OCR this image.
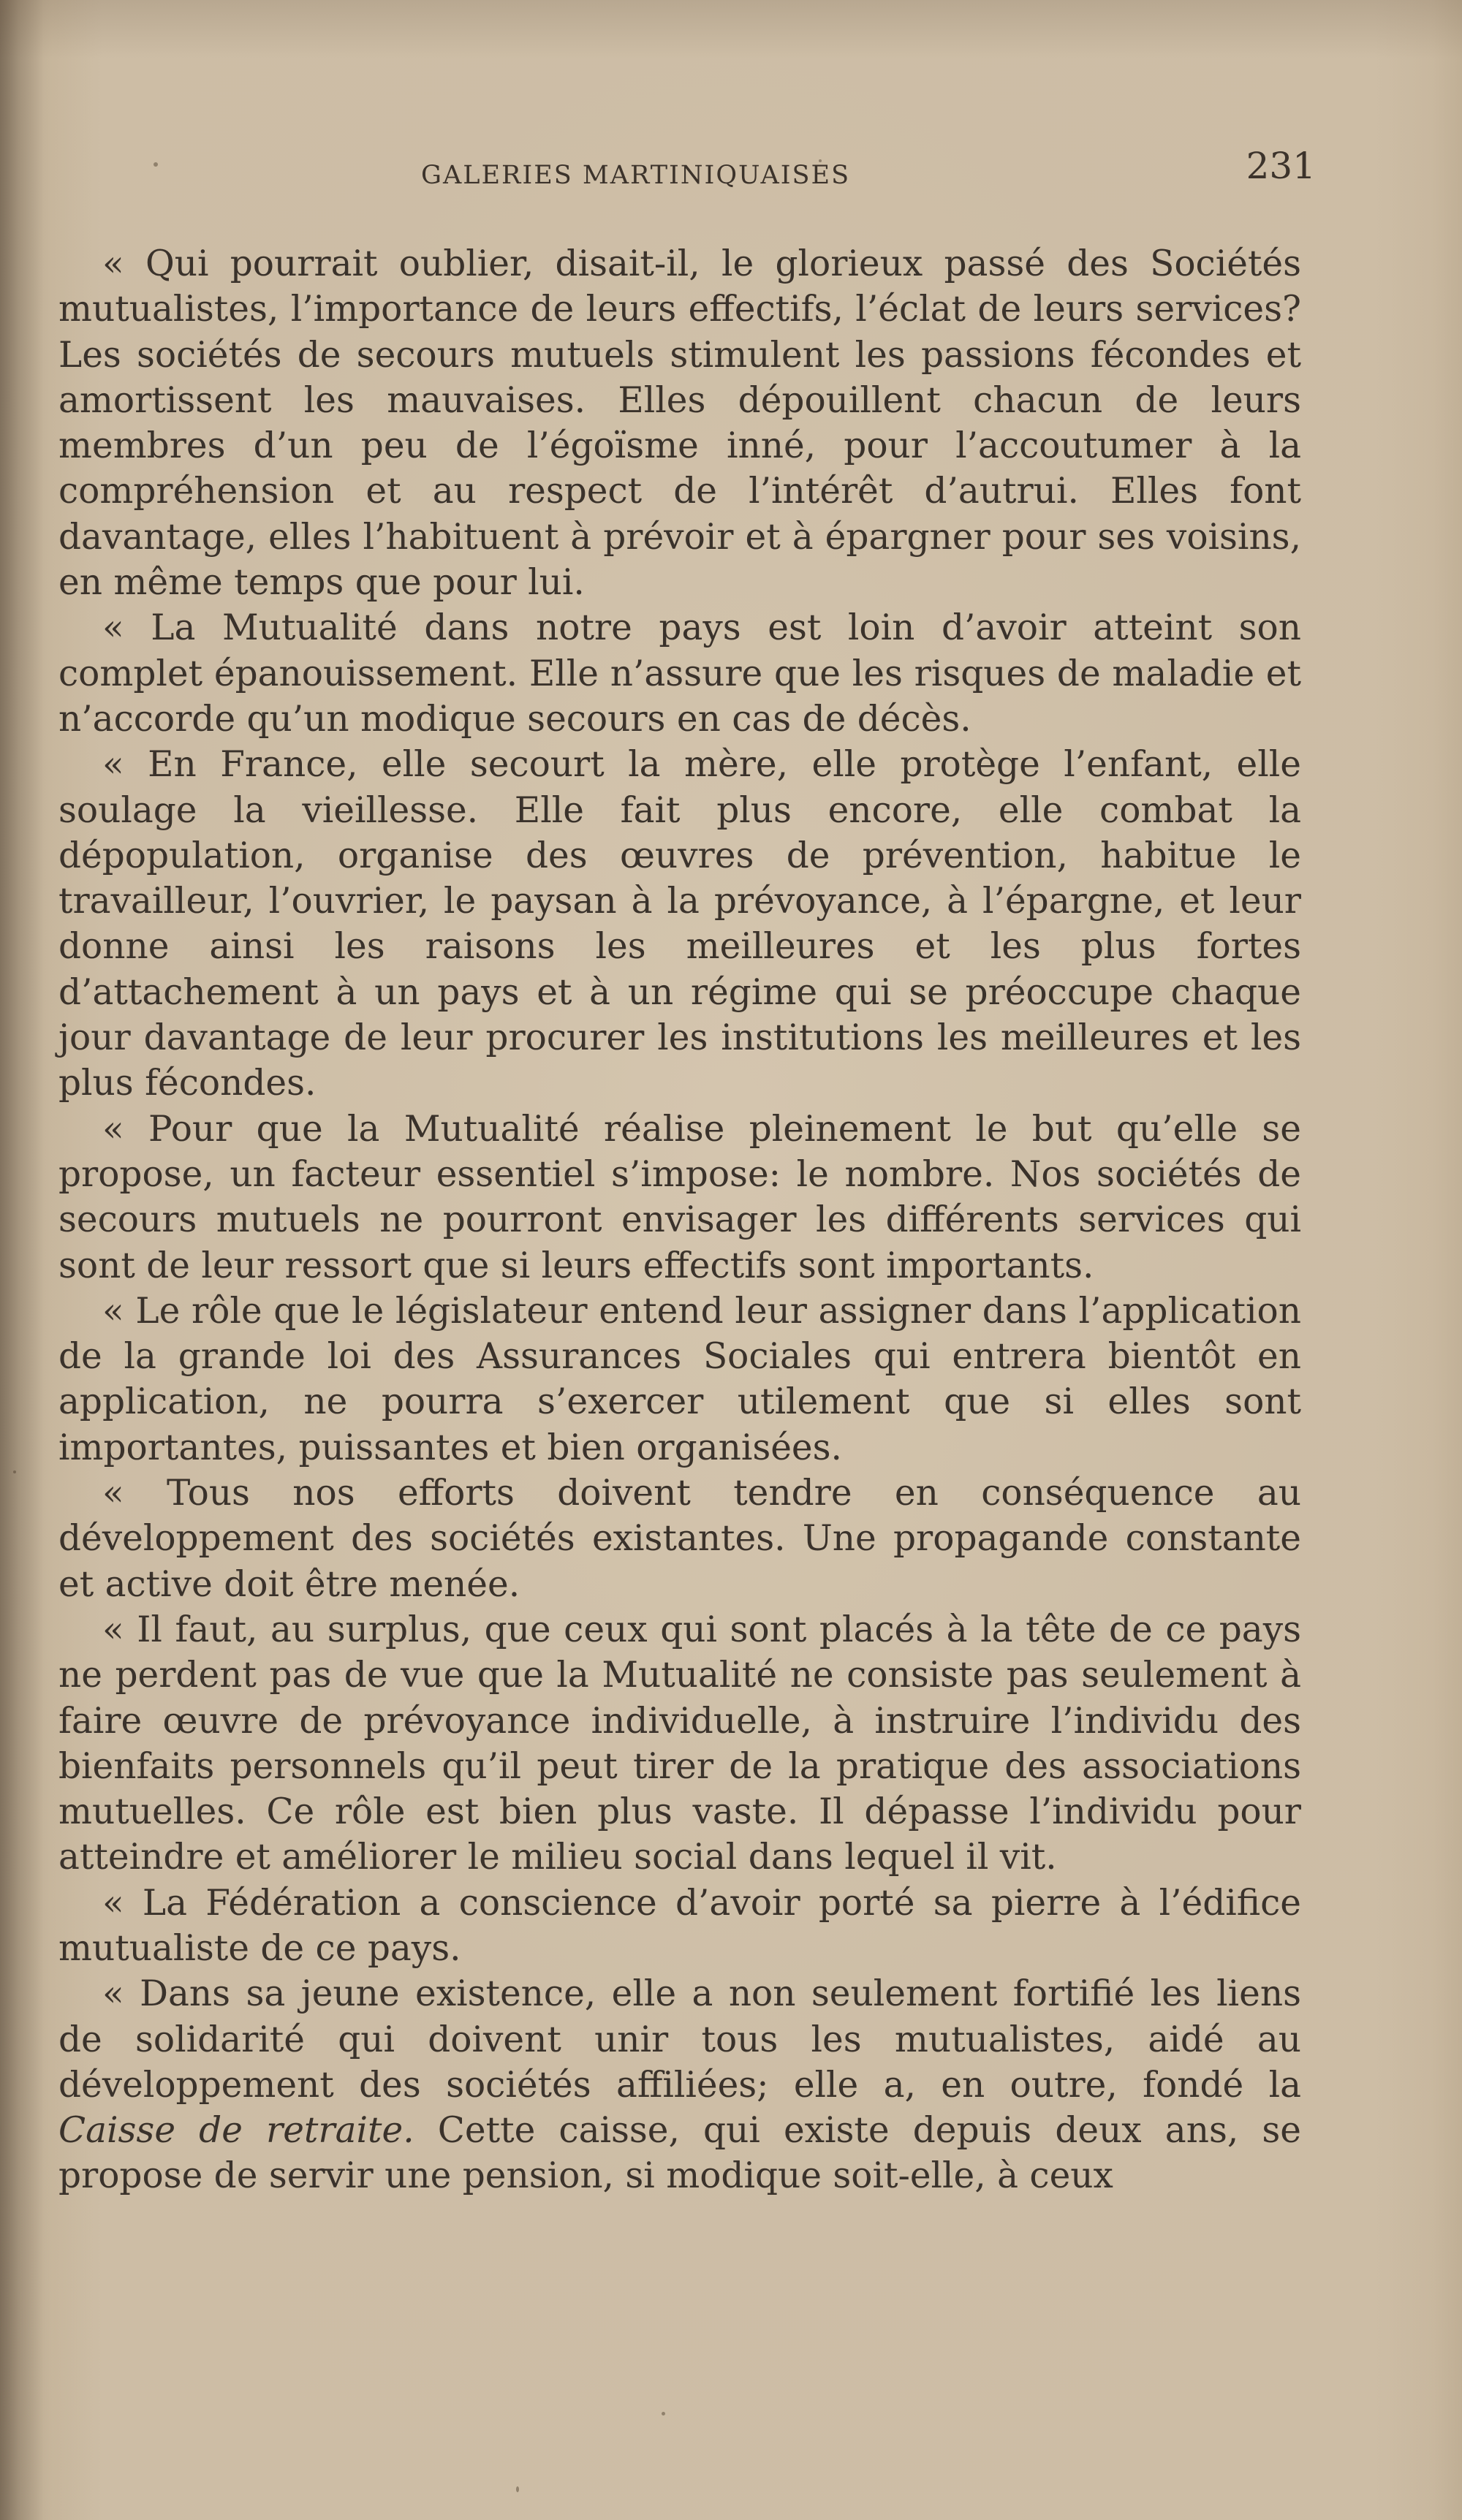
GALERIES MARTINIQUAISES	231

« Qui pourrait oublier, disait-il, le glorieux passé des Sociétés mutualistes, l’importance de leurs effectifs, l’éclat de leurs services? Les sociétés de secours mutuels stimulent les passions fécondes et amortissent les mauvaises. Elles dépouillent chacun de leurs membres d’un peu de l’égoïsme inné, pour l’accoutumer à la compréhension et au respect de l’intérêt d’autrui. Elles font davantage, elles l’habituent à prévoir et à épargner pour ses voisins, en même temps que pour lui.

« La Mutualité dans notre pays est loin d’avoir atteint son complet épanouissement. Elle n’assure que les risques de maladie et n’accorde qu’un modique secours en cas de décès.

« En France, elle secourt la mère, elle protège l’enfant, elle soulage la vieillesse. Elle fait plus encore, elle combat la dépopulation, organise des œuvres de prévention, habitue le travailleur, l’ouvrier, le paysan à la prévoyance, à l’épargne, et leur donne ainsi les raisons les meilleures et les plus fortes d’attachement à un pays et à un régime qui se préoccupe chaque jour davantage de leur procurer les institutions les meilleures et les plus fécondes.

« Pour que la Mutualité réalise pleinement le but qu’elle se propose, un facteur essentiel s’impose: le nombre. Nos sociétés de secours mutuels ne pourront envisager les différents services qui sont de leur ressort que si leurs effectifs sont importants.

« Le rôle que le législateur entend leur assigner dans l’application de la grande loi des Assurances Sociales qui entrera bientôt en application, ne pourra s’exercer utilement que si elles sont importantes, puissantes et bien organisées.

« Tous nos efforts doivent tendre en conséquence au développement des sociétés existantes. Une propagande constante et active doit être menée.

« Il faut, au surplus, que ceux qui sont placés à la tête de ce pays ne perdent pas de vue que la Mutualité ne consiste pas seulement à faire œuvre de prévoyance individuelle, à instruire l’individu des bienfaits personnels qu’il peut tirer de la pratique des associations mutuelles. Ce rôle est bien plus vaste. Il dépasse l’individu pour atteindre et améliorer le milieu social dans lequel il vit.

« La Fédération a conscience d’avoir porté sa pierre à l’édifice mutualiste de ce pays.

« Dans sa jeune existence, elle a non seulement fortifié les liens de solidarité qui doivent unir tous les mutualistes, aidé au développement des sociétés affiliées; elle a, en outre, fondé la Caisse de retraite. Cette caisse, qui existe depuis deux ans, se propose de servir une pension, si modique soit-elle, à ceux
